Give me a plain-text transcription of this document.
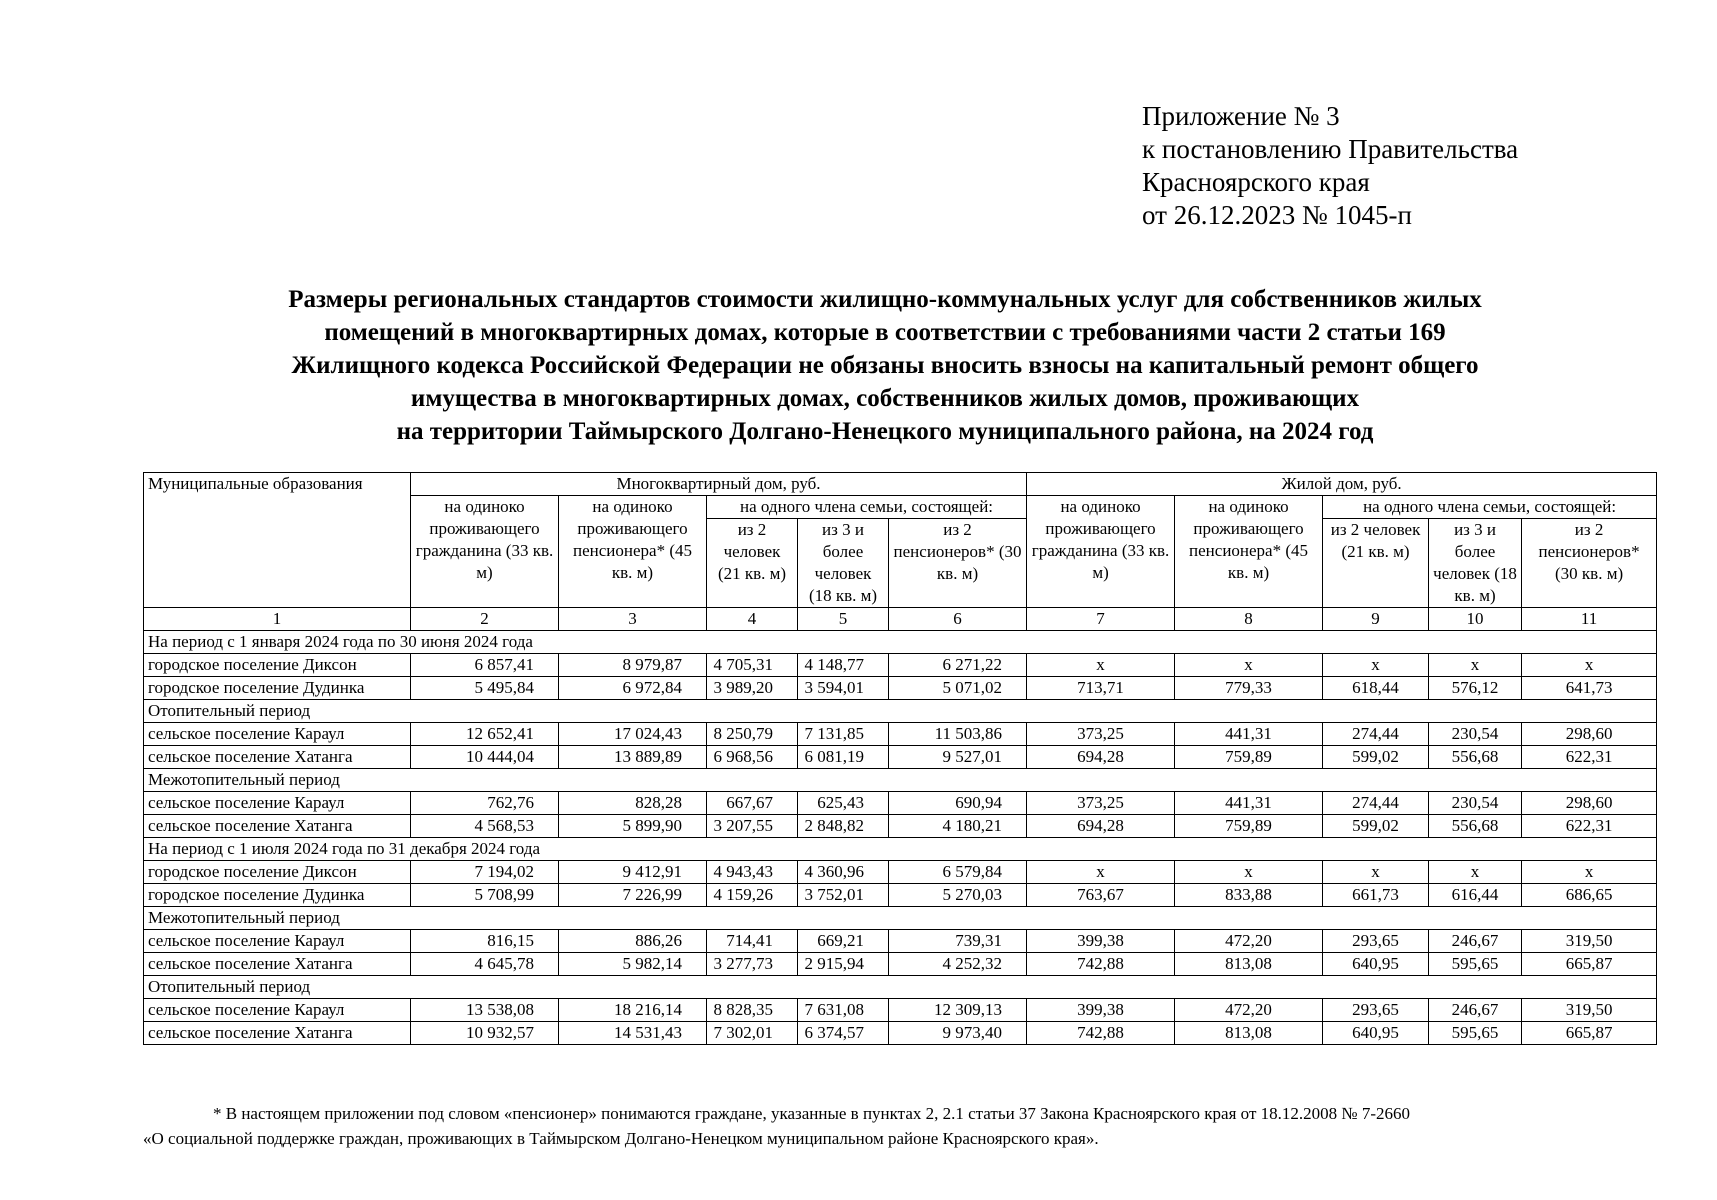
Приложение № 3
к постановлению Правительства
Красноярского края
от 26.12.2023 № 1045-п
Размеры региональных стандартов стоимости жилищно-коммунальных услуг для собственников жилых
помещений в многоквартирных домах, которые в соответствии с требованиями части 2 статьи 169
Жилищного кодекса Российской Федерации не обязаны вносить взносы на капитальный ремонт общего
имущества в многоквартирных домах, собственников жилых домов, проживающих
на территории Таймырского Долгано-Ненецкого муниципального района, на 2024 год
Муниципальные образования	Многоквартирный дом, руб.					Жилой дом, руб.				
	на одиноко проживающего гражданина (33 кв. м)	на одиноко проживающего пенсионера* (45 кв. м)	на одного члена семьи, состоящей:			на одиноко проживающего гражданина (33 кв. м)	на одиноко проживающего пенсионера* (45 кв. м)	на одного члена семьи, состоящей:		
			из 2 человек (21 кв. м)	из 3 и более человек (18 кв. м)	из 2 пенсионеров* (30 кв. м)			из 2 человек (21 кв. м)	из 3 и более человек (18 кв. м)	из 2 пенсионеров* (30 кв. м)
1	2	3	4	5	6	7	8	9	10	11
На период с 1 января 2024 года по 30 июня 2024 года										
городское поселение Диксон	6 857,41	8 979,87	4 705,31	4 148,77	6 271,22	х	х	х	х	х
городское поселение Дудинка	5 495,84	6 972,84	3 989,20	3 594,01	5 071,02	713,71	779,33	618,44	576,12	641,73
Отопительный период										
сельское поселение Караул	12 652,41	17 024,43	8 250,79	7 131,85	11 503,86	373,25	441,31	274,44	230,54	298,60
сельское поселение Хатанга	10 444,04	13 889,89	6 968,56	6 081,19	9 527,01	694,28	759,89	599,02	556,68	622,31
Межотопительный период										
сельское поселение Караул	762,76	828,28	667,67	625,43	690,94	373,25	441,31	274,44	230,54	298,60
сельское поселение Хатанга	4 568,53	5 899,90	3 207,55	2 848,82	4 180,21	694,28	759,89	599,02	556,68	622,31
На период с 1 июля 2024 года по 31 декабря 2024 года										
городское поселение Диксон	7 194,02	9 412,91	4 943,43	4 360,96	6 579,84	х	х	х	х	х
городское поселение Дудинка	5 708,99	7 226,99	4 159,26	3 752,01	5 270,03	763,67	833,88	661,73	616,44	686,65
Межотопительный период										
сельское поселение Караул	816,15	886,26	714,41	669,21	739,31	399,38	472,20	293,65	246,67	319,50
сельское поселение Хатанга	4 645,78	5 982,14	3 277,73	2 915,94	4 252,32	742,88	813,08	640,95	595,65	665,87
Отопительный период										
сельское поселение Караул	13 538,08	18 216,14	8 828,35	7 631,08	12 309,13	399,38	472,20	293,65	246,67	319,50
сельское поселение Хатанга	10 932,57	14 531,43	7 302,01	6 374,57	9 973,40	742,88	813,08	640,95	595,65	665,87
* В настоящем приложении под словом «пенсионер» понимаются граждане, указанные в пунктах 2, 2.1 статьи 37 Закона Красноярского края от 18.12.2008 № 7-2660
«О социальной поддержке граждан, проживающих в Таймырском Долгано-Ненецком муниципальном районе Красноярского края».
